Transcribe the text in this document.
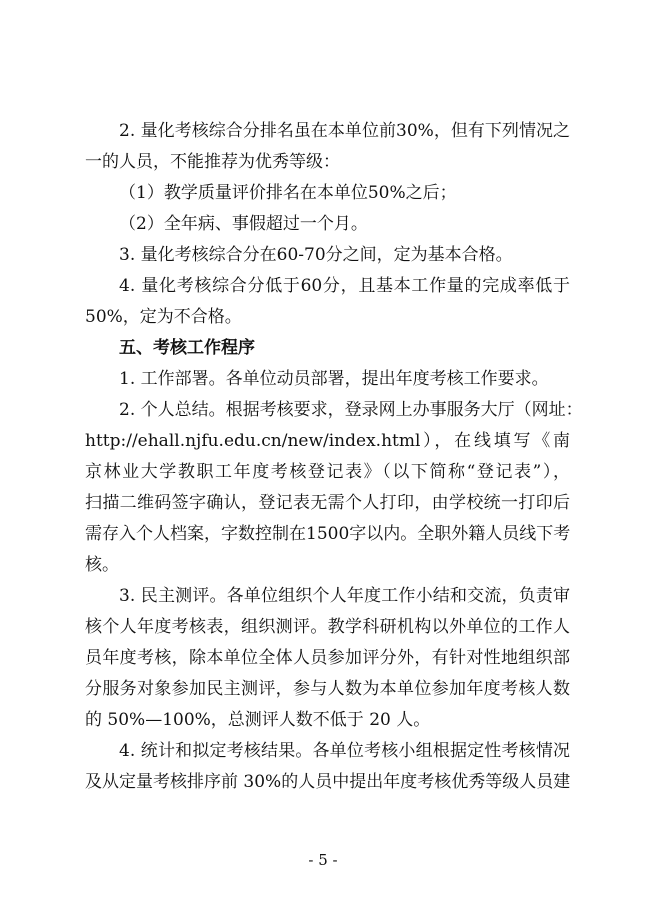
2. 量化考核综合分排名虽在本单位前30%，但有下列情况之
一的人员，不能推荐为优秀等级：
（1）教学质量评价排名在本单位50%之后；
（2）全年病、事假超过一个月。
3. 量化考核综合分在60-70分之间，定为基本合格。
4. 量化考核综合分低于60分，且基本工作量的完成率低于
50%，定为不合格。
五、考核工作程序
1. 工作部署。各单位动员部署，提出年度考核工作要求。
2. 个人总结。根据考核要求，登录网上办事服务大厅（网址：
http://ehall.njfu.edu.cn/new/index.html），在线填写《南
京林业大学教职工年度考核登记表》（以下简称“登记表”），
扫描二维码签字确认，登记表无需个人打印，由学校统一打印后
需存入个人档案，字数控制在1500字以内。全职外籍人员线下考
核。
3. 民主测评。各单位组织个人年度工作小结和交流，负责审
核个人年度考核表，组织测评。教学科研机构以外单位的工作人
员年度考核，除本单位全体人员参加评分外，有针对性地组织部
分服务对象参加民主测评，参与人数为本单位参加年度考核人数
的 50%—100%，总测评人数不低于 20 人。
4. 统计和拟定考核结果。各单位考核小组根据定性考核情况
及从定量考核排序前 30%的人员中提出年度考核优秀等级人员建
- 5 -
